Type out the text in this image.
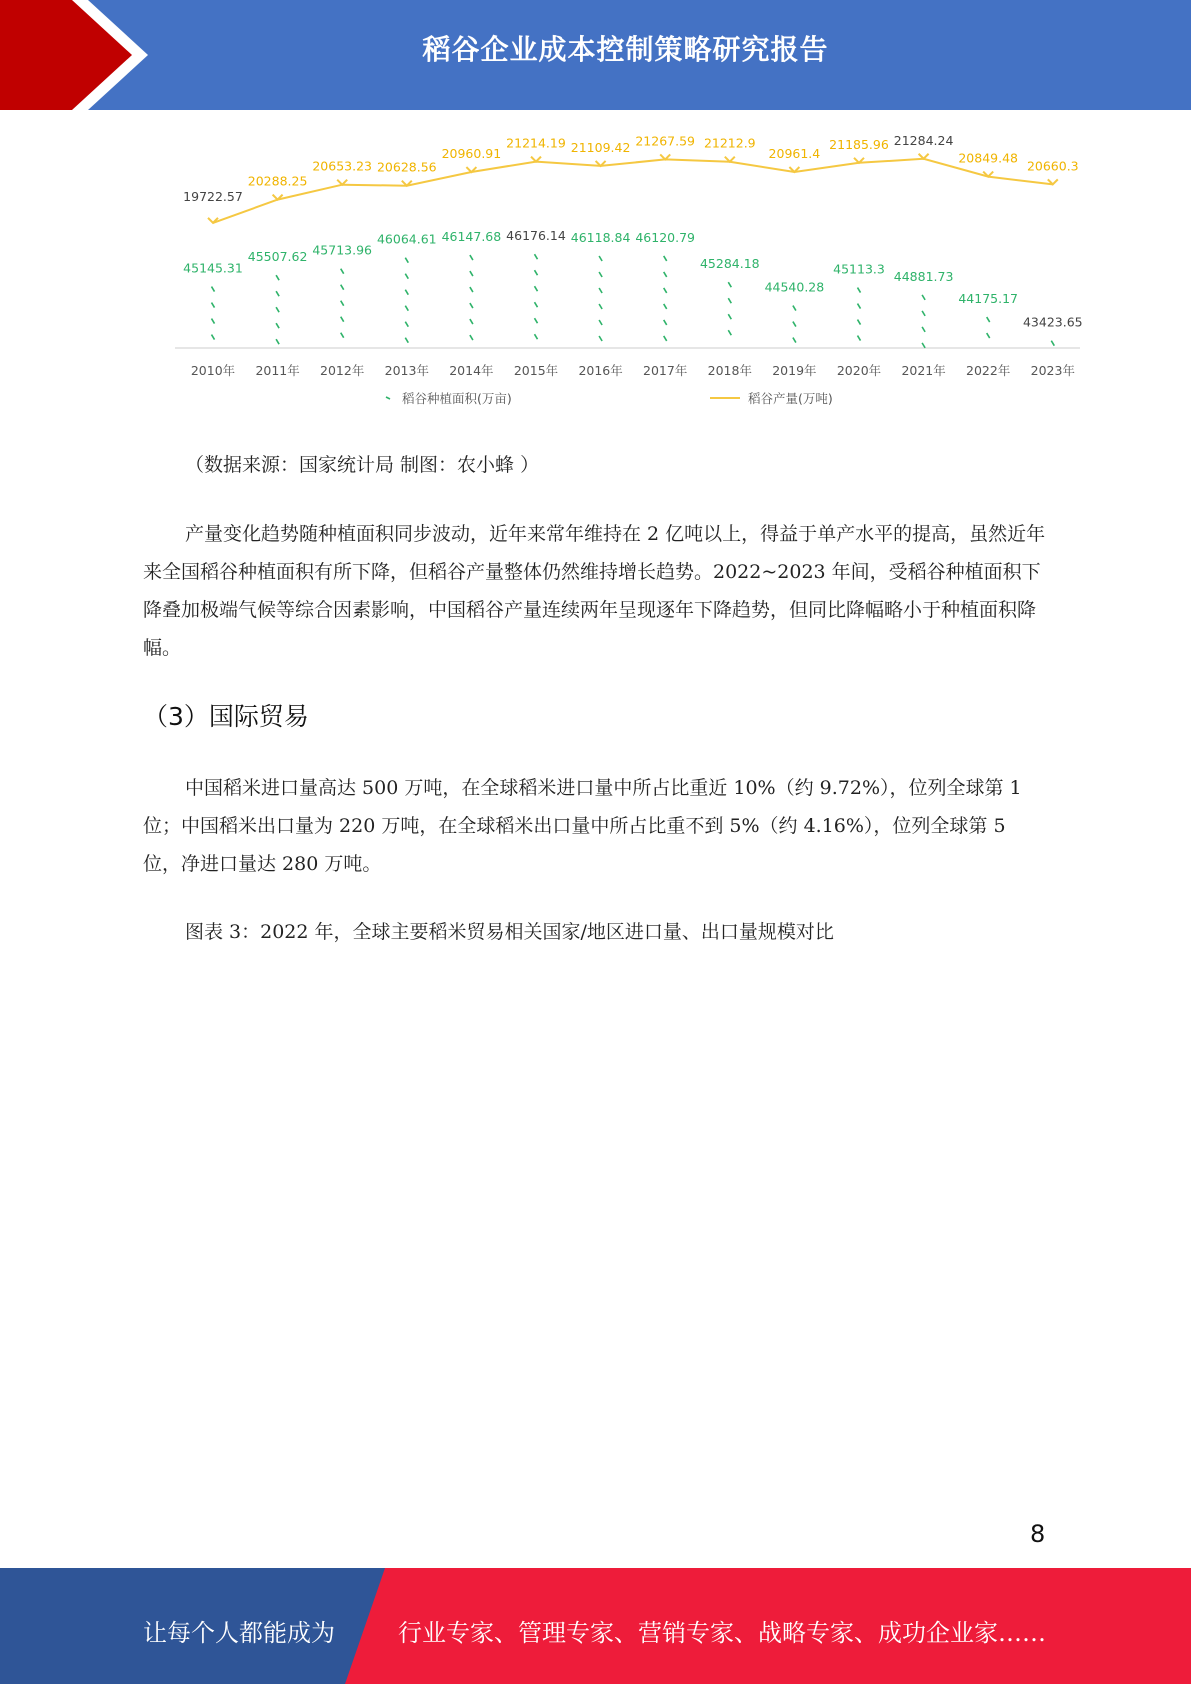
稻谷企业成本控制策略研究报告
2010年 2011年 2012年 2013年 2014年 2015年 2016年 2017年 2018年 2019年 2020年 2021年 2022年 2023年
45145.31
45507.62 45713.96
46064.61 46147.68 46176.14 46118.84 46120.79
45284.18
44540.28
45113.3 44881.73
44175.17
43423.65
19722.57
20288.25
20653.23 20628.56
20960.91
21214.19 21109.42 21267.59 21212.9
20961.4
21185.96 21284.24
20849.48
20660.3
稻谷种植面积(万亩)	稻谷产量(万吨)
（数据来源：国家统计局 制图：农小蜂 ）
产量变化趋势随种植面积同步波动，近年来常年维持在 2 亿吨以上，得益于单产水平的提高，虽然近年来全国稻谷种植面积有所下降，但稻谷产量整体仍然维持增长趋势。2022~2023 年间，受稻谷种植面积下降叠加极端气候等综合因素影响，中国稻谷产量连续两年呈现逐年下降趋势，但同比降幅略小于种植面积降幅。
（3）国际贸易
中国稻米进口量高达 500 万吨，在全球稻米进口量中所占比重近 10%（约 9.72%），位列全球第 1 位；中国稻米出口量为 220 万吨，在全球稻米出口量中所占比重不到 5%（约 4.16%），位列全球第 5 位，净进口量达 280 万吨。
图表 3：2022 年，全球主要稻米贸易相关国家/地区进口量、出口量规模对比
8
让每个人都能成为	行业专家、管理专家、营销专家、战略专家、成功企业家……
